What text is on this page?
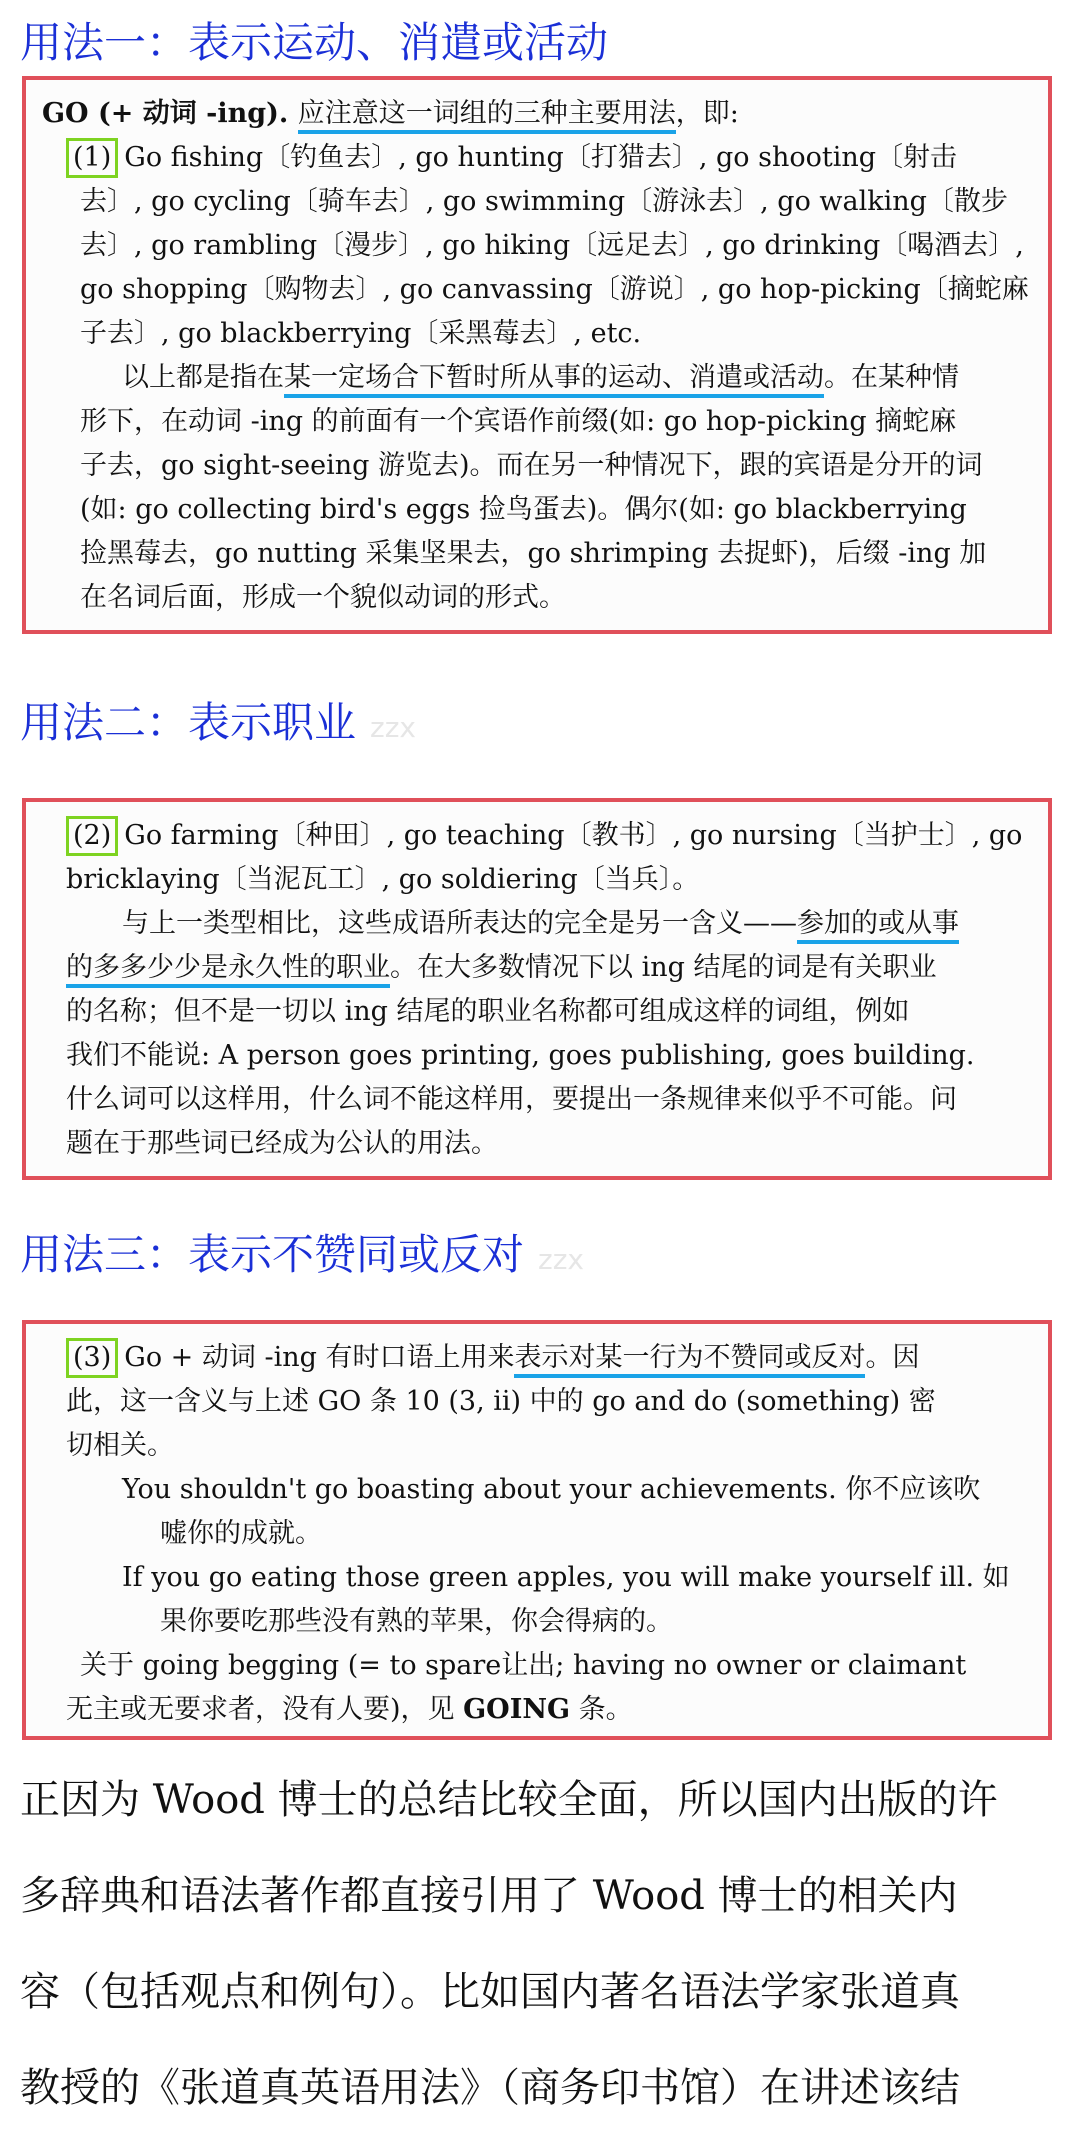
用法一：表示运动、消遣或活动

GO (+ 动词 -ing). 应注意这一词组的三种主要用法，即:

(1) Go fishing〔钓鱼去〕, go hunting〔打猎去〕, go shooting〔射击

去〕, go cycling〔骑车去〕, go swimming〔游泳去〕, go walking〔散步

去〕, go rambling〔漫步〕, go hiking〔远足去〕, go drinking〔喝酒去〕,

go shopping〔购物去〕, go canvassing〔游说〕, go hop-picking〔摘蛇麻

子去〕, go blackberrying〔采黑莓去〕, etc.

以上都是指在某一定场合下暂时所从事的运动、消遣或活动。在某种情

形下，在动词 -ing 的前面有一个宾语作前缀(如: go hop-picking 摘蛇麻

子去，go sight-seeing 游览去)。而在另一种情况下，跟的宾语是分开的词

(如: go collecting bird's eggs 捡鸟蛋去)。偶尔(如: go blackberrying

捡黑莓去，go nutting 采集坚果去，go shrimping 去捉虾)，后缀 -ing 加

在名词后面，形成一个貌似动词的形式。

用法二：表示职业 zzx

(2) Go farming〔种田〕, go teaching〔教书〕, go nursing〔当护士〕, go

bricklaying〔当泥瓦工〕, go soldiering〔当兵〕。

与上一类型相比，这些成语所表达的完全是另一含义——参加的或从事

的多多少少是永久性的职业。在大多数情况下以 ing 结尾的词是有关职业

的名称；但不是一切以 ing 结尾的职业名称都可组成这样的词组，例如

我们不能说: A person goes printing, goes publishing, goes building.

什么词可以这样用，什么词不能这样用，要提出一条规律来似乎不可能。问

题在于那些词已经成为公认的用法。

用法三：表示不赞同或反对 zzx

(3) Go + 动词 -ing 有时口语上用来表示对某一行为不赞同或反对。因

此，这一含义与上述 GO 条 10 (3, ii) 中的 go and do (something) 密

切相关。

You shouldn't go boasting about your achievements. 你不应该吹

嘘你的成就。

If you go eating those green apples, you will make yourself ill. 如

果你要吃那些没有熟的苹果，你会得病的。

关于 going begging (= to spare让出; having no owner or claimant

无主或无要求者，没有人要)，见 GOING 条。

正因为 Wood 博士的总结比较全面，所以国内出版的许

多辞典和语法著作都直接引用了 Wood 博士的相关内

容（包括观点和例句）。比如国内著名语法学家张道真

教授的《张道真英语用法》（商务印书馆）在讲述该结
